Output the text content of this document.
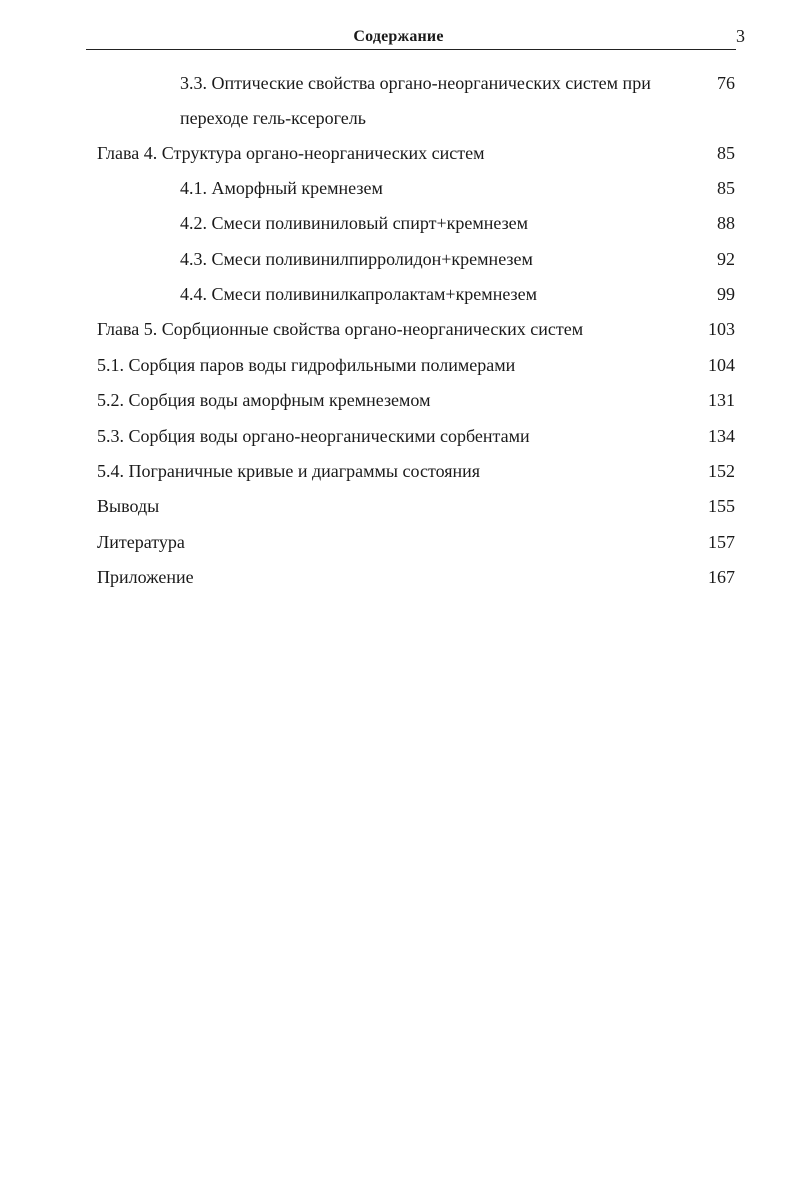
Содержание	3
3.3. Оптические свойства органо-неорганических систем при	76
переходе гель-ксерогель
Глава 4. Структура органо-неорганических систем	85
4.1. Аморфный кремнезем	85
4.2. Смеси поливиниловый спирт+кремнезем	88
4.3. Смеси поливинилпирролидон+кремнезем	92
4.4. Смеси поливинилкапролактам+кремнезем	99
Глава 5. Сорбционные свойства органо-неорганических систем	103
5.1. Сорбция паров воды гидрофильными полимерами	104
5.2. Сорбция воды аморфным кремнеземом	131
5.3. Сорбция воды органо-неорганическими сорбентами	134
5.4. Пограничные кривые и диаграммы состояния	152
Выводы	155
Литература	157
Приложение	167
